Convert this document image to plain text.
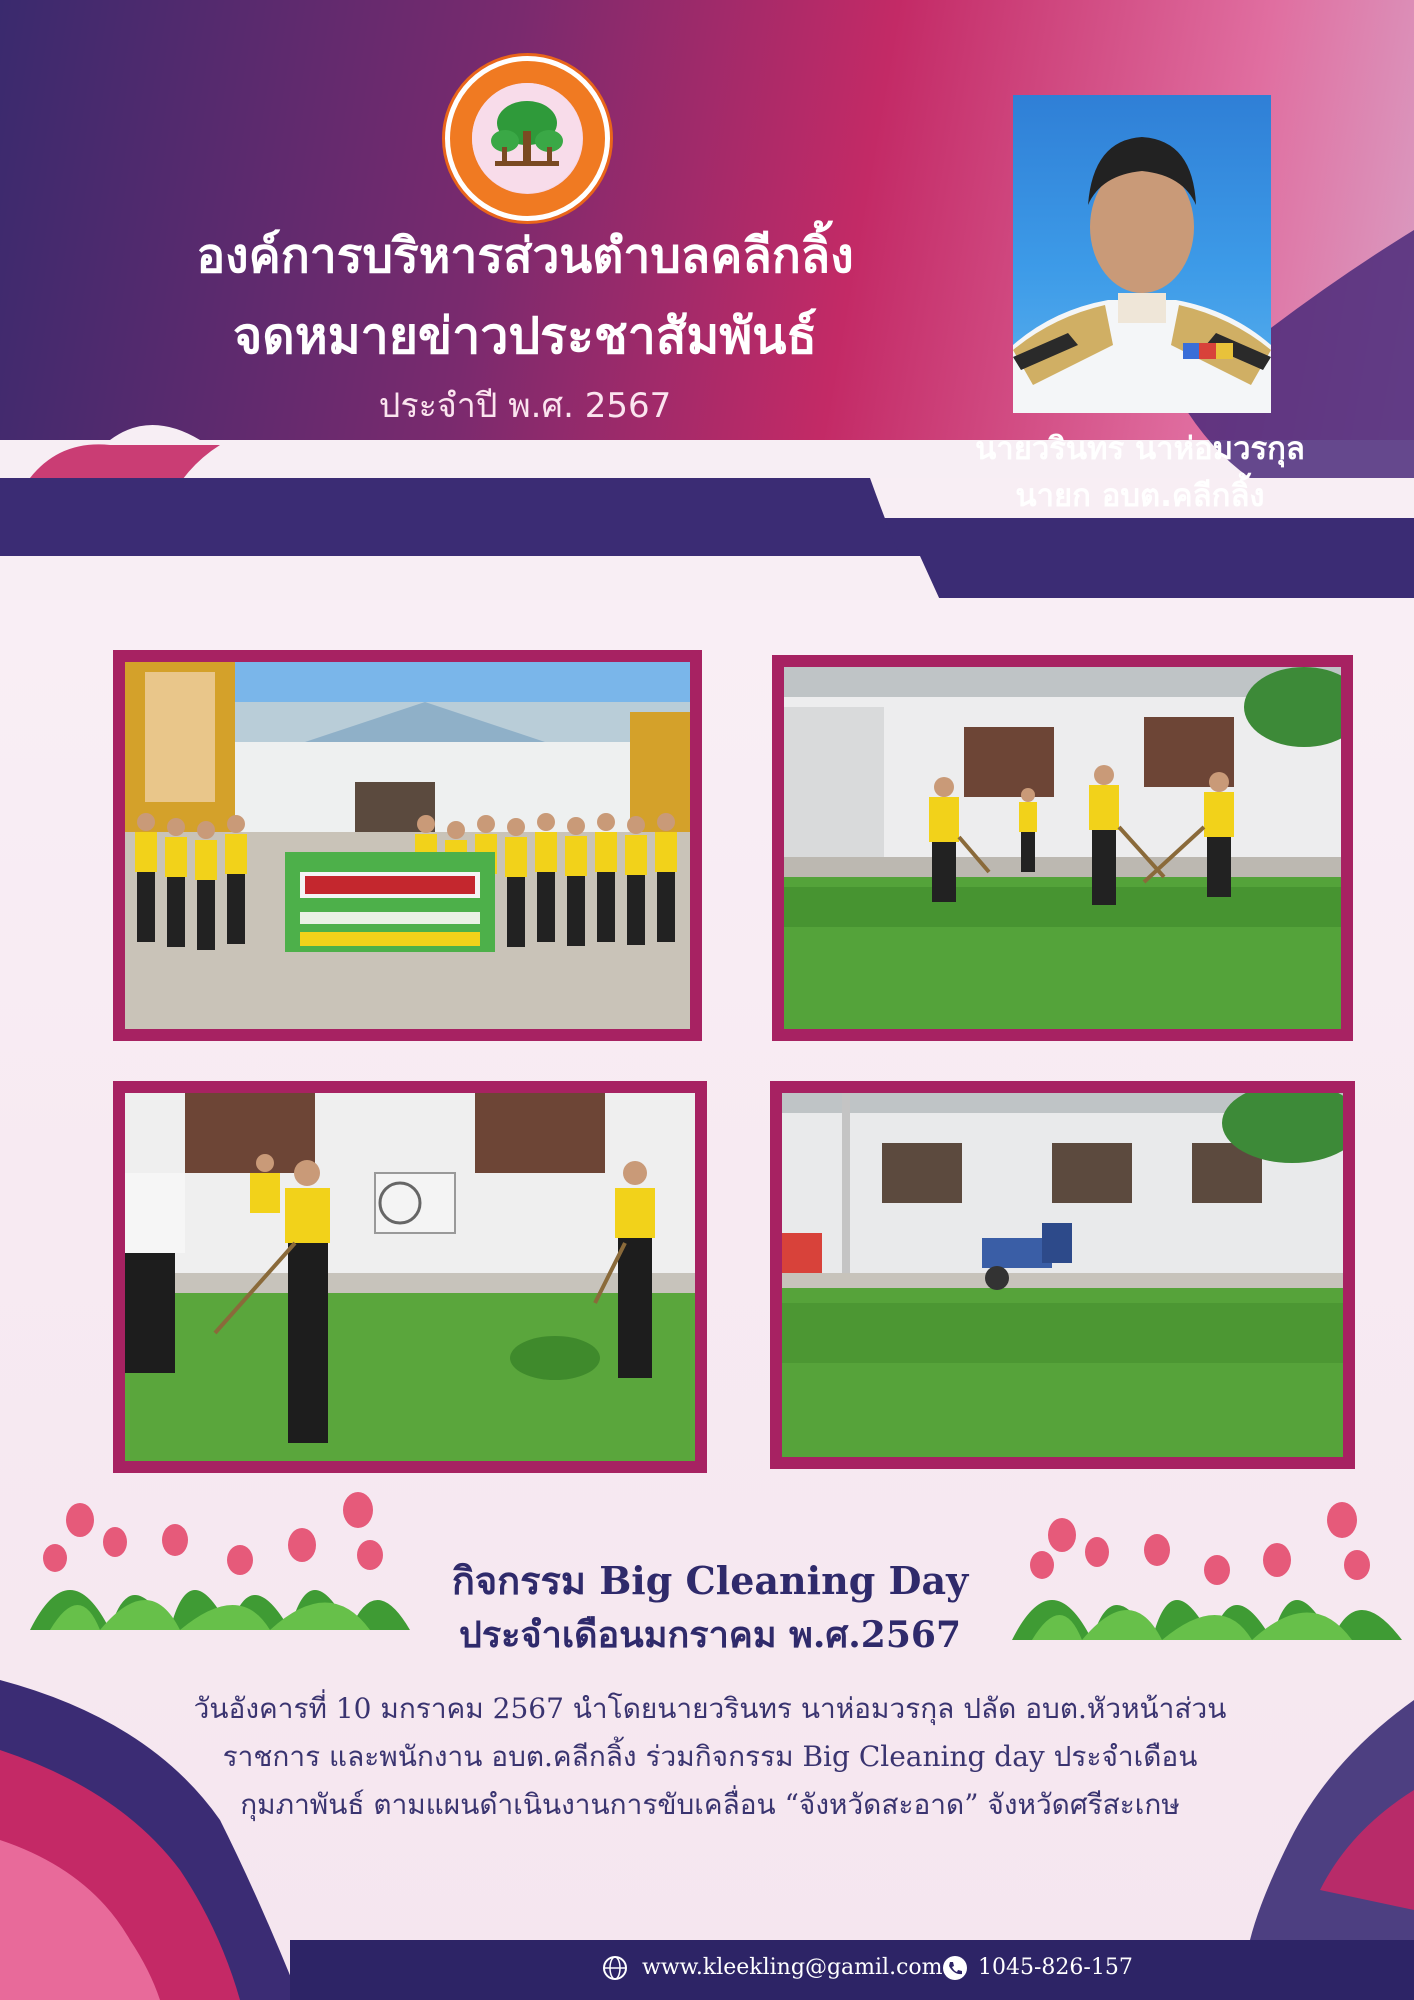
องค์การบริหารส่วนตำบลคลีกลิ้ง
จดหมายข่าวประชาสัมพันธ์
ประจำปี พ.ศ. 2567
นายวรินทร นาห่อมวรกุล
นายก อบต.คลีกลิ้ง
กิจกรรม Big Cleaning Day
ประจำเดือนมกราคม พ.ศ.2567
วันอังคารที่ 10 มกราคม 2567 นำโดยนายวรินทร นาห่อมวรกุล ปลัด อบต.หัวหน้าส่วน
ราชการ และพนักงาน อบต.คลีกลิ้ง ร่วมกิจกรรม Big Cleaning day ประจำเดือน
กุมภาพันธ์ ตามแผนดำเนินงานการขับเคลื่อน “จังหวัดสะอาด” จังหวัดศรีสะเกษ
www.kleekling@gamil.com 1045-826-157
